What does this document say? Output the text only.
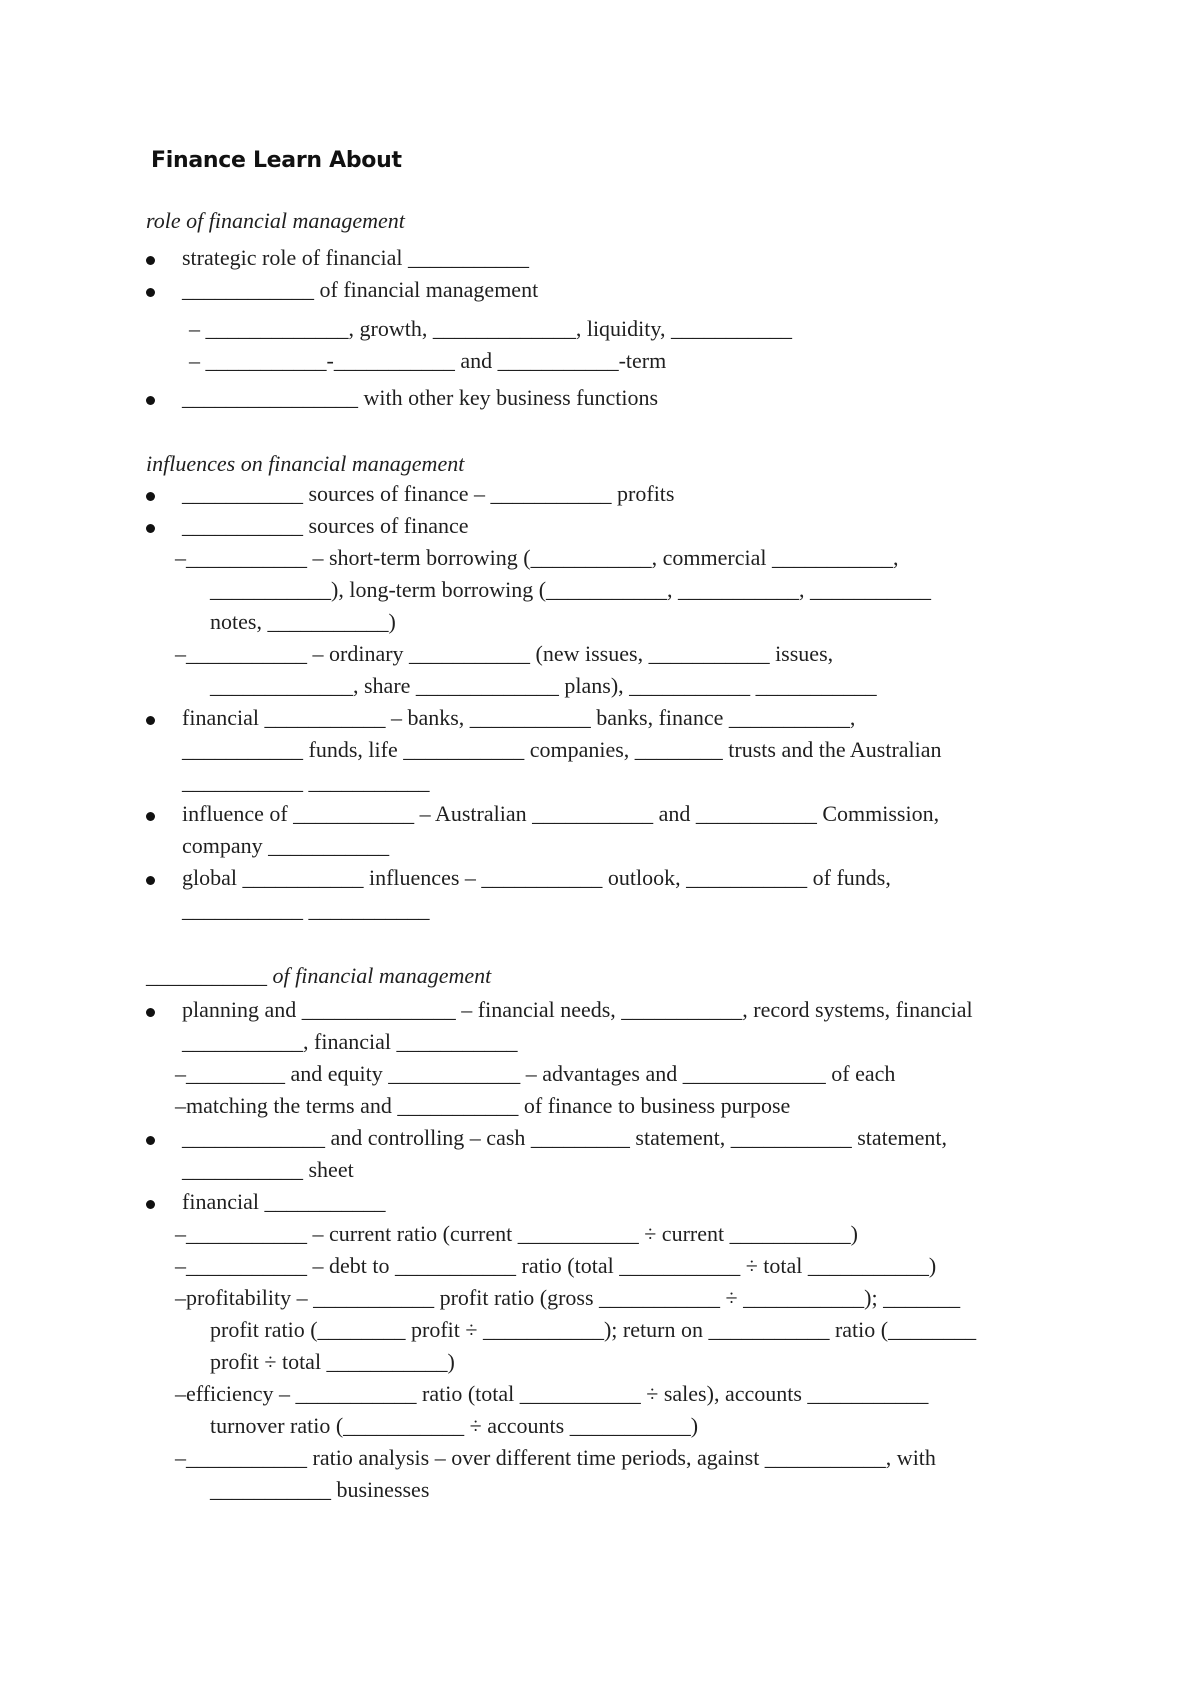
Finance Learn About
role of financial management
strategic role of financial ___________
____________ of financial management
– _____________, growth, _____________, liquidity, ___________
– ___________-___________ and ___________-term
________________ with other key business functions
influences on financial management
___________ sources of finance – ___________ profits
___________ sources of finance
–___________ – short-term borrowing (___________, commercial ___________,
___________), long-term borrowing (___________, ___________, ___________
notes, ___________)
–___________ – ordinary ___________ (new issues, ___________ issues,
_____________, share _____________ plans), ___________ ___________
financial ___________ – banks, ___________ banks, finance ___________,
___________ funds, life ___________ companies, ________ trusts and the Australian
___________ ___________
influence of ___________ – Australian ___________ and ___________ Commission,
company ___________
global ___________ influences – ___________ outlook, ___________ of funds,
___________ ___________
___________ of financial management
planning and ______________ – financial needs, ___________, record systems, financial
___________, financial ___________
–_________ and equity ____________ – advantages and _____________ of each
–matching the terms and ___________ of finance to business purpose
_____________ and controlling – cash _________ statement, ___________ statement,
___________ sheet
financial ___________
–___________ – current ratio (current ___________ ÷ current ___________)
–___________ – debt to ___________ ratio (total ___________ ÷ total ___________)
–profitability – ___________ profit ratio (gross ___________ ÷ ___________); _______
profit ratio (________ profit ÷ ___________); return on ___________ ratio (________
profit ÷ total ___________)
–efficiency – ___________ ratio (total ___________ ÷ sales), accounts ___________
turnover ratio (___________ ÷ accounts ___________)
–___________ ratio analysis – over different time periods, against ___________, with
___________ businesses
